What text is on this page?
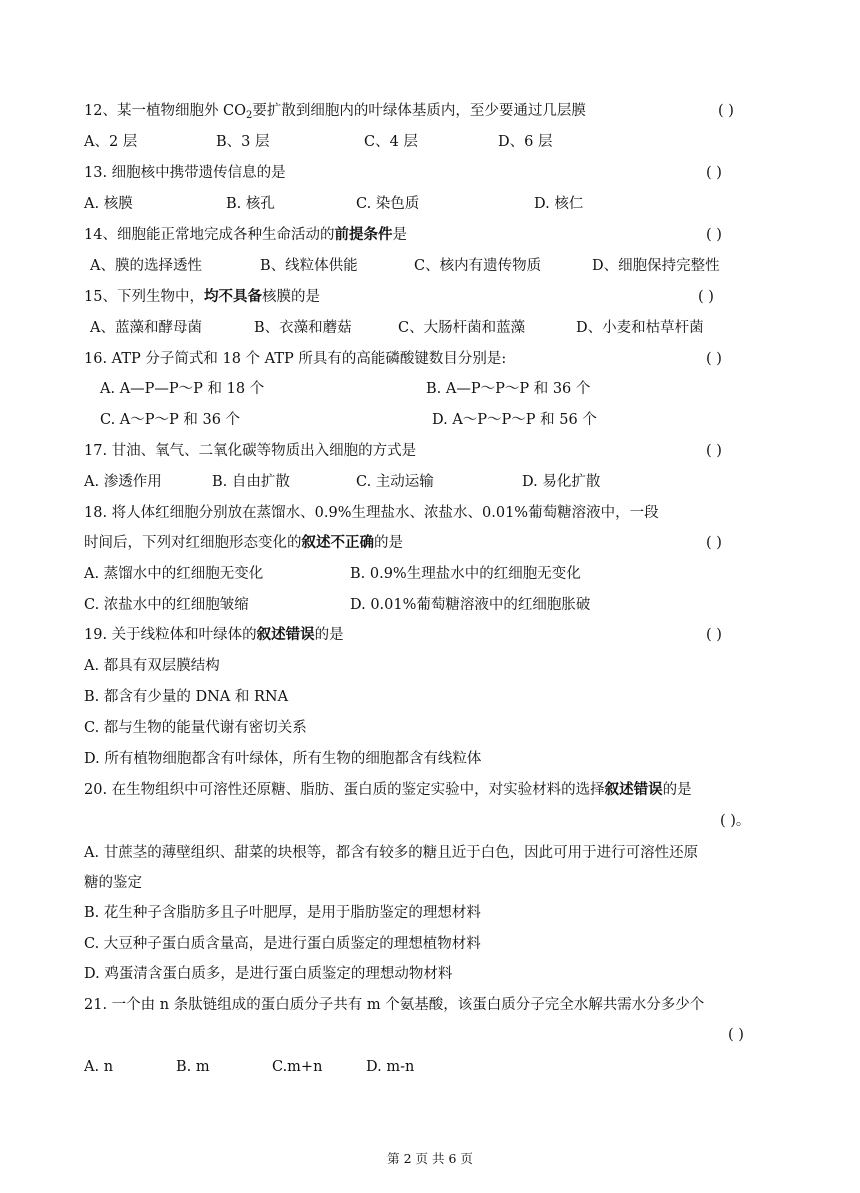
12、某一植物细胞外 $CO_2$要扩散到细胞内的叶绿体基质内，至少要通过几层膜	( )
A、2 层	B、3 层	C、4 层	D、6 层
13. 细胞核中携带遗传信息的是	( )
A. 核膜	B. 核孔	C. 染色质	D. 核仁
14、细胞能正常地完成各种生命活动的前提条件是	( )
A、膜的选择透性	B、线粒体供能	C、核内有遗传物质	D、细胞保持完整性
15、下列生物中，均不具备核膜的是	( )
A、蓝藻和酵母菌	B、衣藻和蘑菇	C、大肠杆菌和蓝藻	D、小麦和枯草杆菌
16. ATP 分子简式和 18 个 ATP 所具有的高能磷酸键数目分别是:	( )
A. A—P—P～P 和 18 个	B. A—P～P～P 和 36 个
C. A～P～P 和 36 个	D. A～P～P～P 和 56 个
17. 甘油、氧气、二氧化碳等物质出入细胞的方式是	( )
A. 渗透作用	B. 自由扩散	C. 主动运输	D. 易化扩散
18. 将人体红细胞分别放在蒸馏水、0.9%生理盐水、浓盐水、0.01%葡萄糖溶液中，一段
时间后，下列对红细胞形态变化的叙述不正确的是	( )
A. 蒸馏水中的红细胞无变化	B. 0.9%生理盐水中的红细胞无变化
C. 浓盐水中的红细胞皱缩	D. 0.01%葡萄糖溶液中的红细胞胀破
19. 关于线粒体和叶绿体的叙述错误的是	( )
A. 都具有双层膜结构
B. 都含有少量的 DNA 和 RNA
C. 都与生物的能量代谢有密切关系
D. 所有植物细胞都含有叶绿体，所有生物的细胞都含有线粒体
20. 在生物组织中可溶性还原糖、脂肪、蛋白质的鉴定实验中，对实验材料的选择叙述错误的是
( )。
A. 甘蔗茎的薄壁组织、甜菜的块根等，都含有较多的糖且近于白色，因此可用于进行可溶性还原
糖的鉴定
B. 花生种子含脂肪多且子叶肥厚，是用于脂肪鉴定的理想材料
C. 大豆种子蛋白质含量高，是进行蛋白质鉴定的理想植物材料
D. 鸡蛋清含蛋白质多，是进行蛋白质鉴定的理想动物材料
21. 一个由 n 条肽链组成的蛋白质分子共有 m 个氨基酸，该蛋白质分子完全水解共需水分多少个
( )
A. n	B. m	C.m+n	D. m-n
第 2 页 共 6 页
